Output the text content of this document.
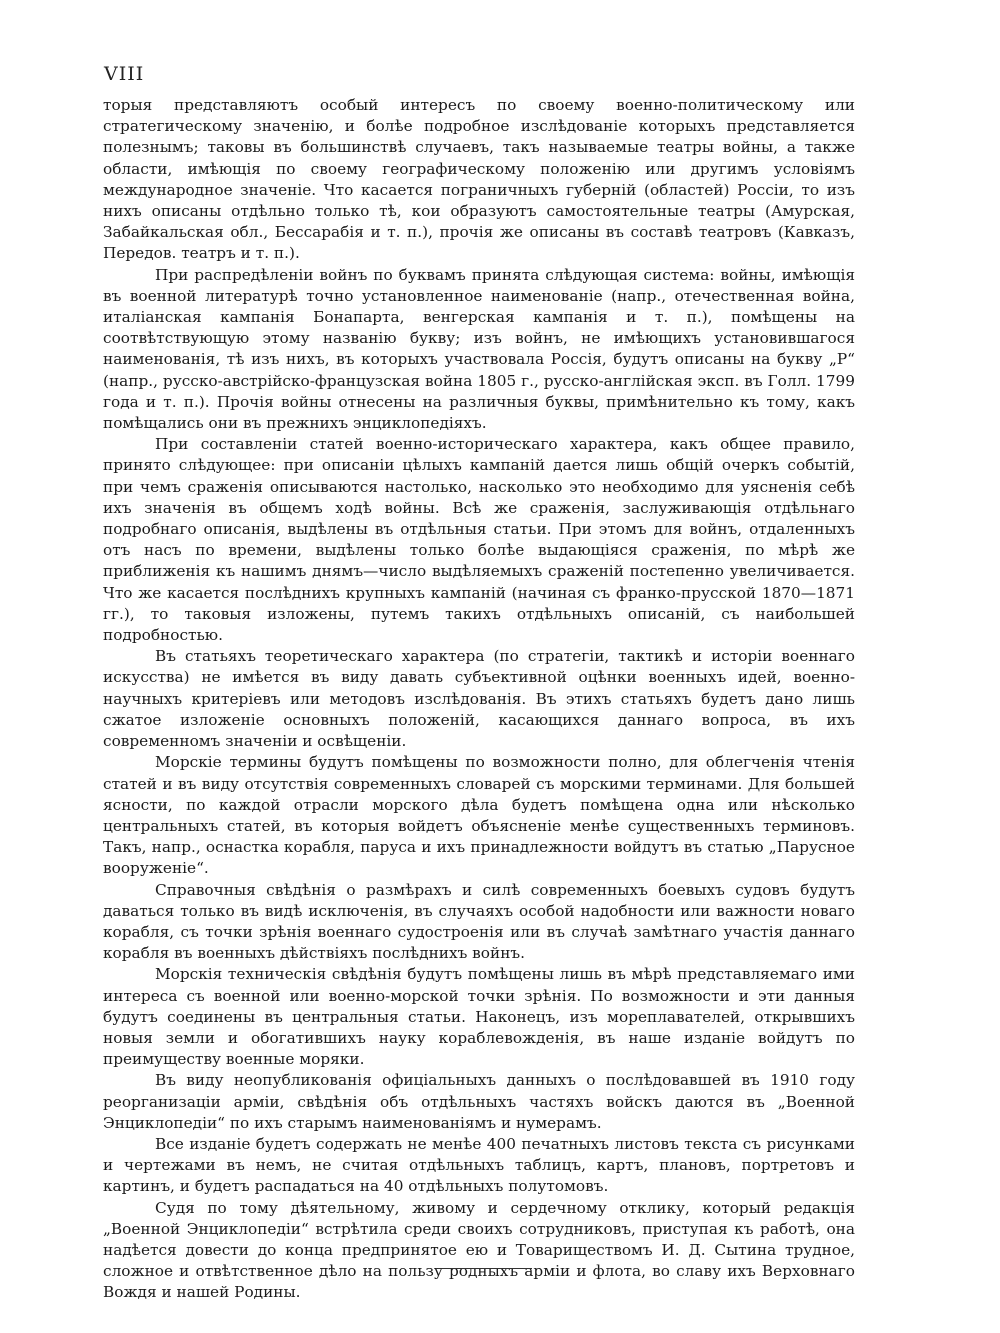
VIII

торыя представляютъ особый интересъ по своему военно-политическому или стратегическому значенію, и болѣе подробное изслѣдованіе которыхъ представляется полезнымъ; таковы въ большинствѣ случаевъ, такъ называемые театры войны, а также области, имѣющія по своему географическому положенію или другимъ условіямъ международное значеніе. Что касается пограничныхъ губерній (областей) Россіи, то изъ нихъ описаны отдѣльно только тѣ, кои образуютъ самостоятельные театры (Амурская, Забайкальская обл., Бессарабія и т. п.), прочія же описаны въ составѣ театровъ (Кавказъ, Передов. театръ и т. п.).

При распредѣленіи войнъ по буквамъ принята слѣдующая система: войны, имѣющія въ военной литературѣ точно установленное наименованіе (напр., отечественная война, италіанская кампанія Бонапарта, венгерская кампанія и т. п.), помѣщены на соотвѣтствующую этому названію букву; изъ войнъ, не имѣющихъ установившагося наименованія, тѣ изъ нихъ, въ которыхъ участвовала Россія, будутъ описаны на букву „Р“ (напр., русско-австрійско-французская война 1805 г., русско-англійская эксп. въ Голл. 1799 года и т. п.). Прочія войны отнесены на различныя буквы, примѣнительно къ тому, какъ помѣщались они въ прежнихъ энциклопедіяхъ.

При составленіи статей военно-историческаго характера, какъ общее правило, принято слѣдующее: при описаніи цѣлыхъ кампаній дается лишь общій очеркъ событій, при чемъ сраженія описываются настолько, насколько это необходимо для уясненія себѣ ихъ значенія въ общемъ ходѣ войны. Всѣ же сраженія, заслуживающія отдѣльнаго подробнаго описанія, выдѣлены въ отдѣльныя статьи. При этомъ для войнъ, отдаленныхъ отъ насъ по времени, выдѣлены только болѣе выдающіяся сраженія, по мѣрѣ же приближенія къ нашимъ днямъ—число выдѣляемыхъ сраженій постепенно увеличивается. Что же касается послѣднихъ крупныхъ кампаній (начиная съ франко-прусской 1870—1871 гг.), то таковыя изложены, путемъ такихъ отдѣльныхъ описаній, съ наибольшей подробностью.

Въ статьяхъ теоретическаго характера (по стратегіи, тактикѣ и исторіи военнаго искусства) не имѣется въ виду давать субъективной оцѣнки военныхъ идей, военно-научныхъ критеріевъ или методовъ изслѣдованія. Въ этихъ статьяхъ будетъ дано лишь сжатое изложеніе основныхъ положеній, касающихся даннаго вопроса, въ ихъ современномъ значеніи и освѣщеніи.

Морскіе термины будутъ помѣщены по возможности полно, для облегченія чтенія статей и въ виду отсутствія современныхъ словарей съ морскими терминами. Для большей ясности, по каждой отрасли морского дѣла будетъ помѣщена одна или нѣсколько центральныхъ статей, въ которыя войдетъ объясненіе менѣе существенныхъ терминовъ. Такъ, напр., оснастка корабля, паруса и ихъ принадлежности войдутъ въ статью „Парусное вооруженіе“.

Справочныя свѣдѣнія о размѣрахъ и силѣ современныхъ боевыхъ судовъ будутъ даваться только въ видѣ исключенія, въ случаяхъ особой надобности или важности новаго корабля, съ точки зрѣнія военнаго судостроенія или въ случаѣ замѣтнаго участія даннаго корабля въ военныхъ дѣйствіяхъ послѣднихъ войнъ.

Морскія техническія свѣдѣнія будутъ помѣщены лишь въ мѣрѣ представляемаго ими интереса съ военной или военно-морской точки зрѣнія. По возможности и эти данныя будутъ соединены въ центральныя статьи. Наконецъ, изъ мореплавателей, открывшихъ новыя земли и обогатившихъ науку кораблевожденія, въ наше изданіе войдутъ по преимуществу военные моряки.

Въ виду неопубликованія офиціальныхъ данныхъ о послѣдовавшей въ 1910 году реорганизаціи арміи, свѣдѣнія объ отдѣльныхъ частяхъ войскъ даются въ „Военной Энциклопедіи“ по ихъ старымъ наименованіямъ и нумерамъ.

Все изданіе будетъ содержать не менѣе 400 печатныхъ листовъ текста съ рисунками и чертежами въ немъ, не считая отдѣльныхъ таблицъ, картъ, плановъ, портретовъ и картинъ, и будетъ распадаться на 40 отдѣльныхъ полутомовъ.

Судя по тому дѣятельному, живому и сердечному отклику, который редакція „Военной Энциклопедіи“ встрѣтила среди своихъ сотрудниковъ, приступая къ работѣ, она надѣется довести до конца предпринятое ею и Товариществомъ И. Д. Сытина трудное, сложное и отвѣтственное дѣло на пользу родныхъ арміи и флота, во славу ихъ Верховнаго Вождя и нашей Родины.
